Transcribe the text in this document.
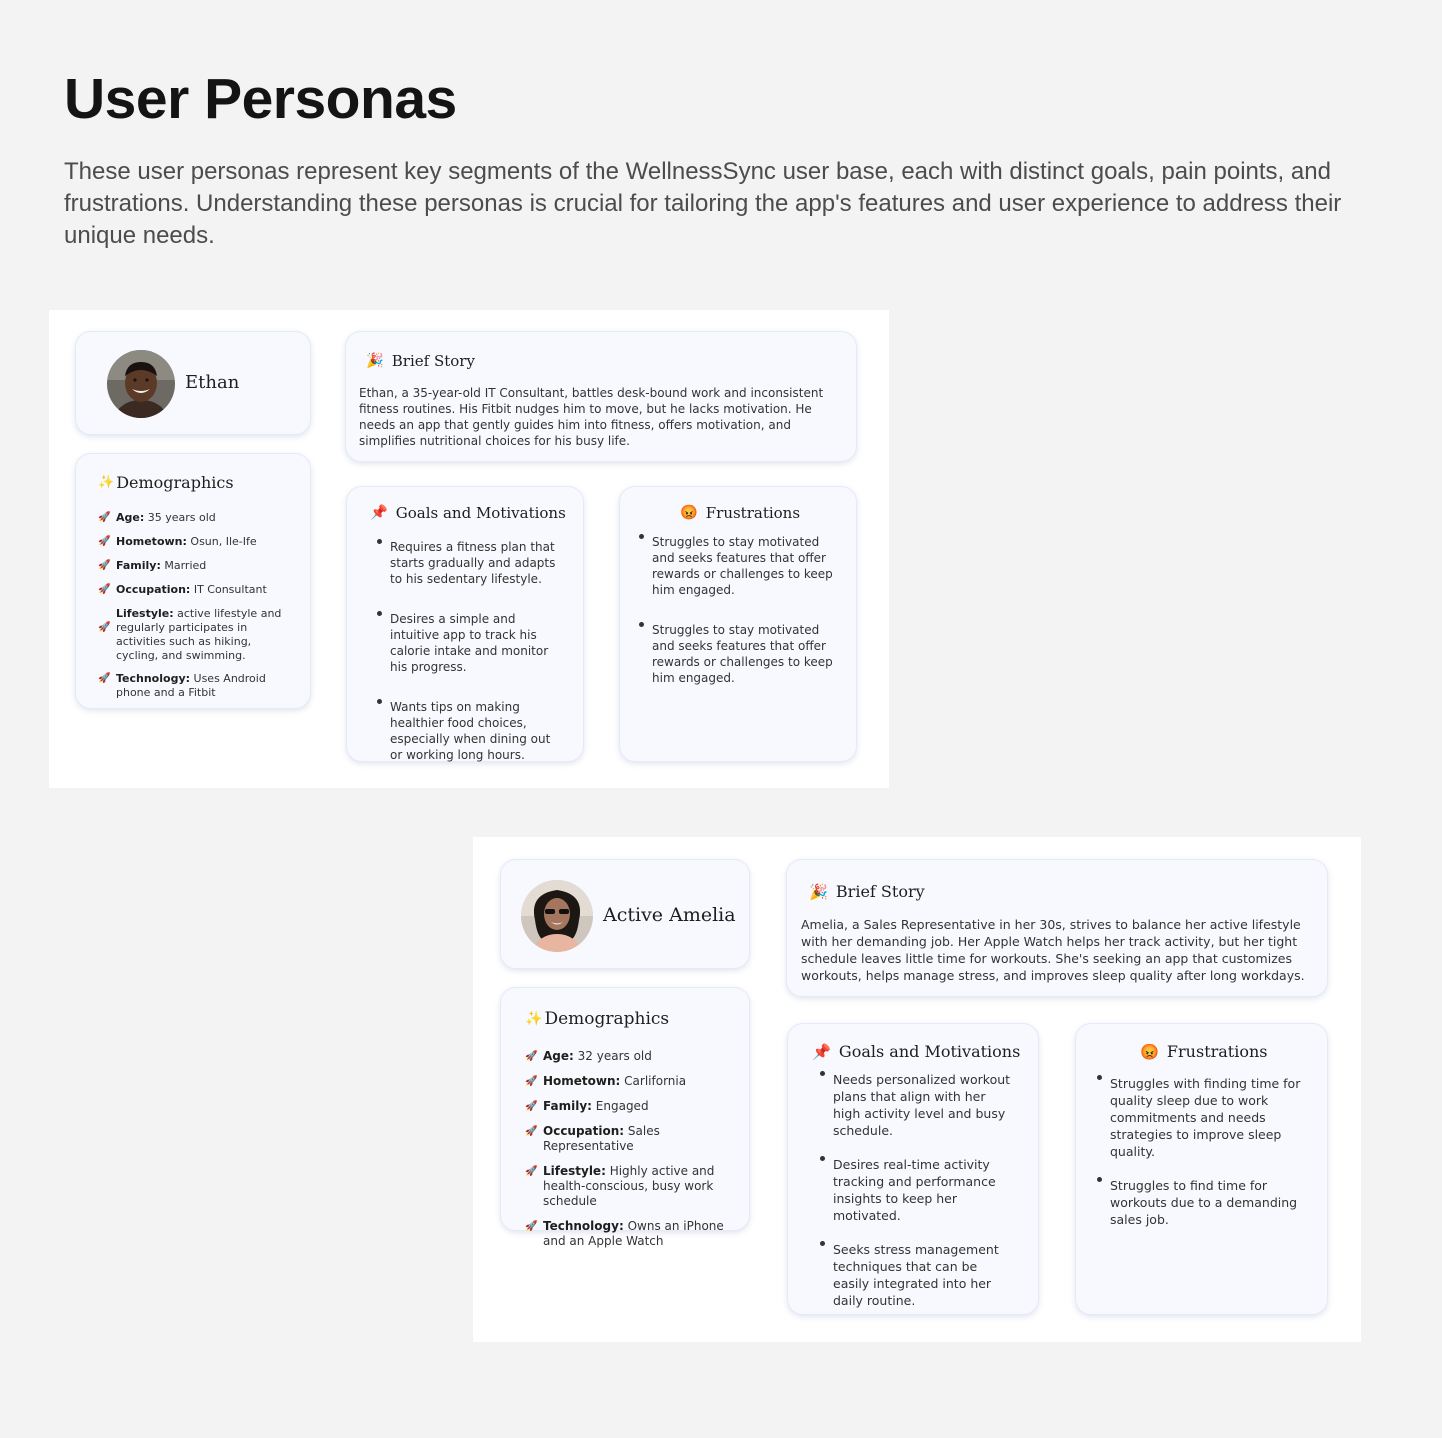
User Personas

These user personas represent key segments of the WellnessSync user base, each with distinct goals, pain points, and frustrations. Understanding these personas is crucial for tailoring the app's features and user experience to address their unique needs.

Ethan
✨ Demographics
🚀 Age: 35 years old
🚀 Hometown: Osun, Ile-Ife
🚀 Family: Married
🚀 Occupation: IT Consultant
🚀
Lifestyle: active lifestyle and regularly participates in activities such as hiking, cycling, and swimming.
🚀 Technology: Uses Android phone and a Fitbit
🎉 Brief Story

Ethan, a 35-year-old IT Consultant, battles desk-bound work and inconsistent fitness routines. His Fitbit nudges him to move, but he lacks motivation. He needs an app that gently guides him into fitness, offers motivation, and simplifies nutritional choices for his busy life.

📌 Goals and Motivations
Requires a fitness plan that starts gradually and adapts to his sedentary lifestyle.
Desires a simple and intuitive app to track his calorie intake and monitor his progress.
Wants tips on making healthier food choices, especially when dining out or working long hours.
😡 Frustrations
Struggles to stay motivated and seeks features that offer rewards or challenges to keep him engaged.
Struggles to stay motivated and seeks features that offer rewards or challenges to keep him engaged.
Active Amelia
✨ Demographics
🚀 Age: 32 years old
🚀 Hometown: Carlifornia
🚀 Family: Engaged
🚀 Occupation: Sales Representative
🚀 Lifestyle: Highly active and health-conscious, busy work schedule
🚀 Technology: Owns an iPhone and an Apple Watch
🎉 Brief Story

Amelia, a Sales Representative in her 30s, strives to balance her active lifestyle with her demanding job. Her Apple Watch helps her track activity, but her tight schedule leaves little time for workouts. She's seeking an app that customizes workouts, helps manage stress, and improves sleep quality after long workdays.

📌 Goals and Motivations
Needs personalized workout plans that align with her high activity level and busy schedule.
Desires real-time activity tracking and performance insights to keep her motivated.
Seeks stress management techniques that can be easily integrated into her daily routine.
😡 Frustrations
Struggles with finding time for quality sleep due to work commitments and needs strategies to improve sleep quality.
Struggles to find time for workouts due to a demanding sales job.
